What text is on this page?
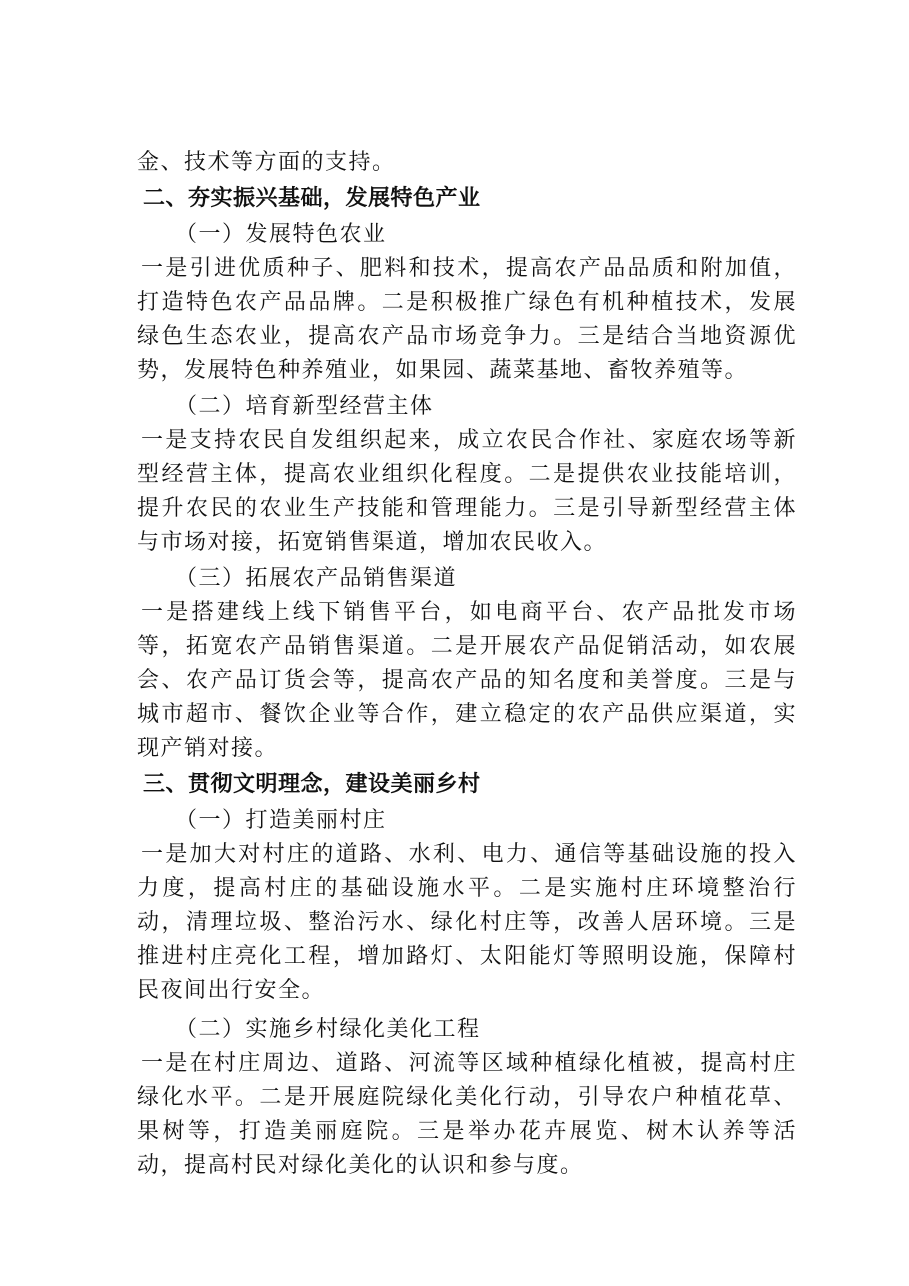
金、技术等方面的支持。
二、夯实振兴基础，发展特色产业
（一）发展特色农业
一是引进优质种子、肥料和技术，提高农产品品质和附加值，
打造特色农产品品牌。二是积极推广绿色有机种植技术，发展
绿色生态农业，提高农产品市场竞争力。三是结合当地资源优
势，发展特色种养殖业，如果园、蔬菜基地、畜牧养殖等。
（二）培育新型经营主体
一是支持农民自发组织起来，成立农民合作社、家庭农场等新
型经营主体，提高农业组织化程度。二是提供农业技能培训，
提升农民的农业生产技能和管理能力。三是引导新型经营主体
与市场对接，拓宽销售渠道，增加农民收入。
（三）拓展农产品销售渠道
一是搭建线上线下销售平台，如电商平台、农产品批发市场
等，拓宽农产品销售渠道。二是开展农产品促销活动，如农展
会、农产品订货会等，提高农产品的知名度和美誉度。三是与
城市超市、餐饮企业等合作，建立稳定的农产品供应渠道，实
现产销对接。
三、贯彻文明理念，建设美丽乡村
（一）打造美丽村庄
一是加大对村庄的道路、水利、电力、通信等基础设施的投入
力度，提高村庄的基础设施水平。二是实施村庄环境整治行
动，清理垃圾、整治污水、绿化村庄等，改善人居环境。三是
推进村庄亮化工程，增加路灯、太阳能灯等照明设施，保障村
民夜间出行安全。
（二）实施乡村绿化美化工程
一是在村庄周边、道路、河流等区域种植绿化植被，提高村庄
绿化水平。二是开展庭院绿化美化行动，引导农户种植花草、
果树等，打造美丽庭院。三是举办花卉展览、树木认养等活
动，提高村民对绿化美化的认识和参与度。
